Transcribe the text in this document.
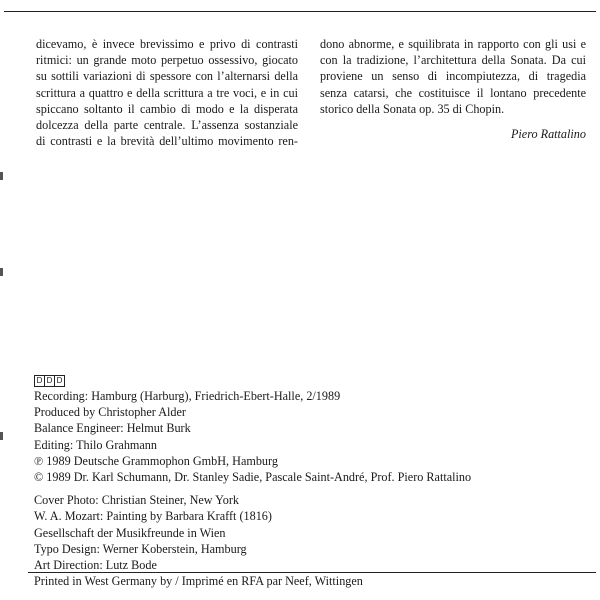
dicevamo, è invece brevissimo e privo di contrasti
ritmici: un grande moto perpetuo ossessivo, giocato
su sottili variazioni di spessore con l’alternarsi della
scrittura a quattro e della scrittura a tre voci, e in cui
spiccano soltanto il cambio di modo e la disperata
dolcezza della parte centrale. L’assenza sostanziale
di contrasti e la brevità dell’ultimo movimento ren-
dono abnorme, e squilibrata in rapporto con gli usi e
con la tradizione, l’architettura della Sonata. Da cui
proviene un senso di incompiutezza, di tragedia
senza catarsi, che costituisce il lontano precedente
storico della Sonata op. 35 di Chopin.
Piero Rattalino
D D D
Recording: Hamburg (Harburg), Friedrich-Ebert-Halle, 2/1989
Produced by Christopher Alder
Balance Engineer: Helmut Burk
Editing: Thilo Grahmann
℗ 1989 Deutsche Grammophon GmbH, Hamburg
© 1989 Dr. Karl Schumann, Dr. Stanley Sadie, Pascale Saint-André, Prof. Piero Rattalino
Cover Photo: Christian Steiner, New York
W. A. Mozart: Painting by Barbara Krafft (1816)
Gesellschaft der Musikfreunde in Wien
Typo Design: Werner Koberstein, Hamburg
Art Direction: Lutz Bode
Printed in West Germany by / Imprimé en RFA par Neef, Wittingen
